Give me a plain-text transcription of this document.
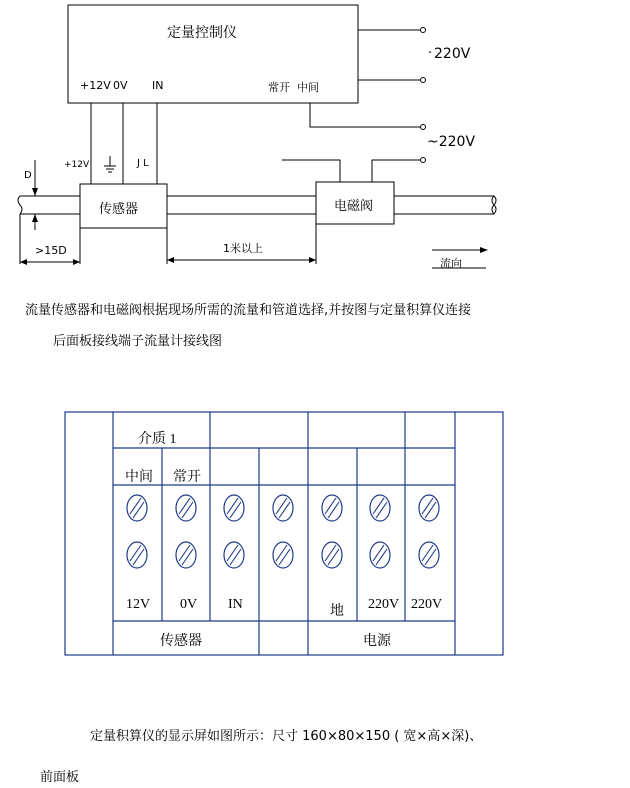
定量控制仪
+12V 0V IN	常开 中间
· 220V
~220V
+12V	J L
传感器	电磁阀
D
>15D	1米以上
流向
流量传感器和电磁阀根据现场所需的流量和管道选择,并按图与定量积算仪连接
后面板接线端子流量计接线图
介质 1
中间 常开
12V 0V IN	地 220V 220V
传感器	电源
定量积算仪的显示屏如图所示：尺寸 160×80×150 ( 宽×高×深)、
前面板
